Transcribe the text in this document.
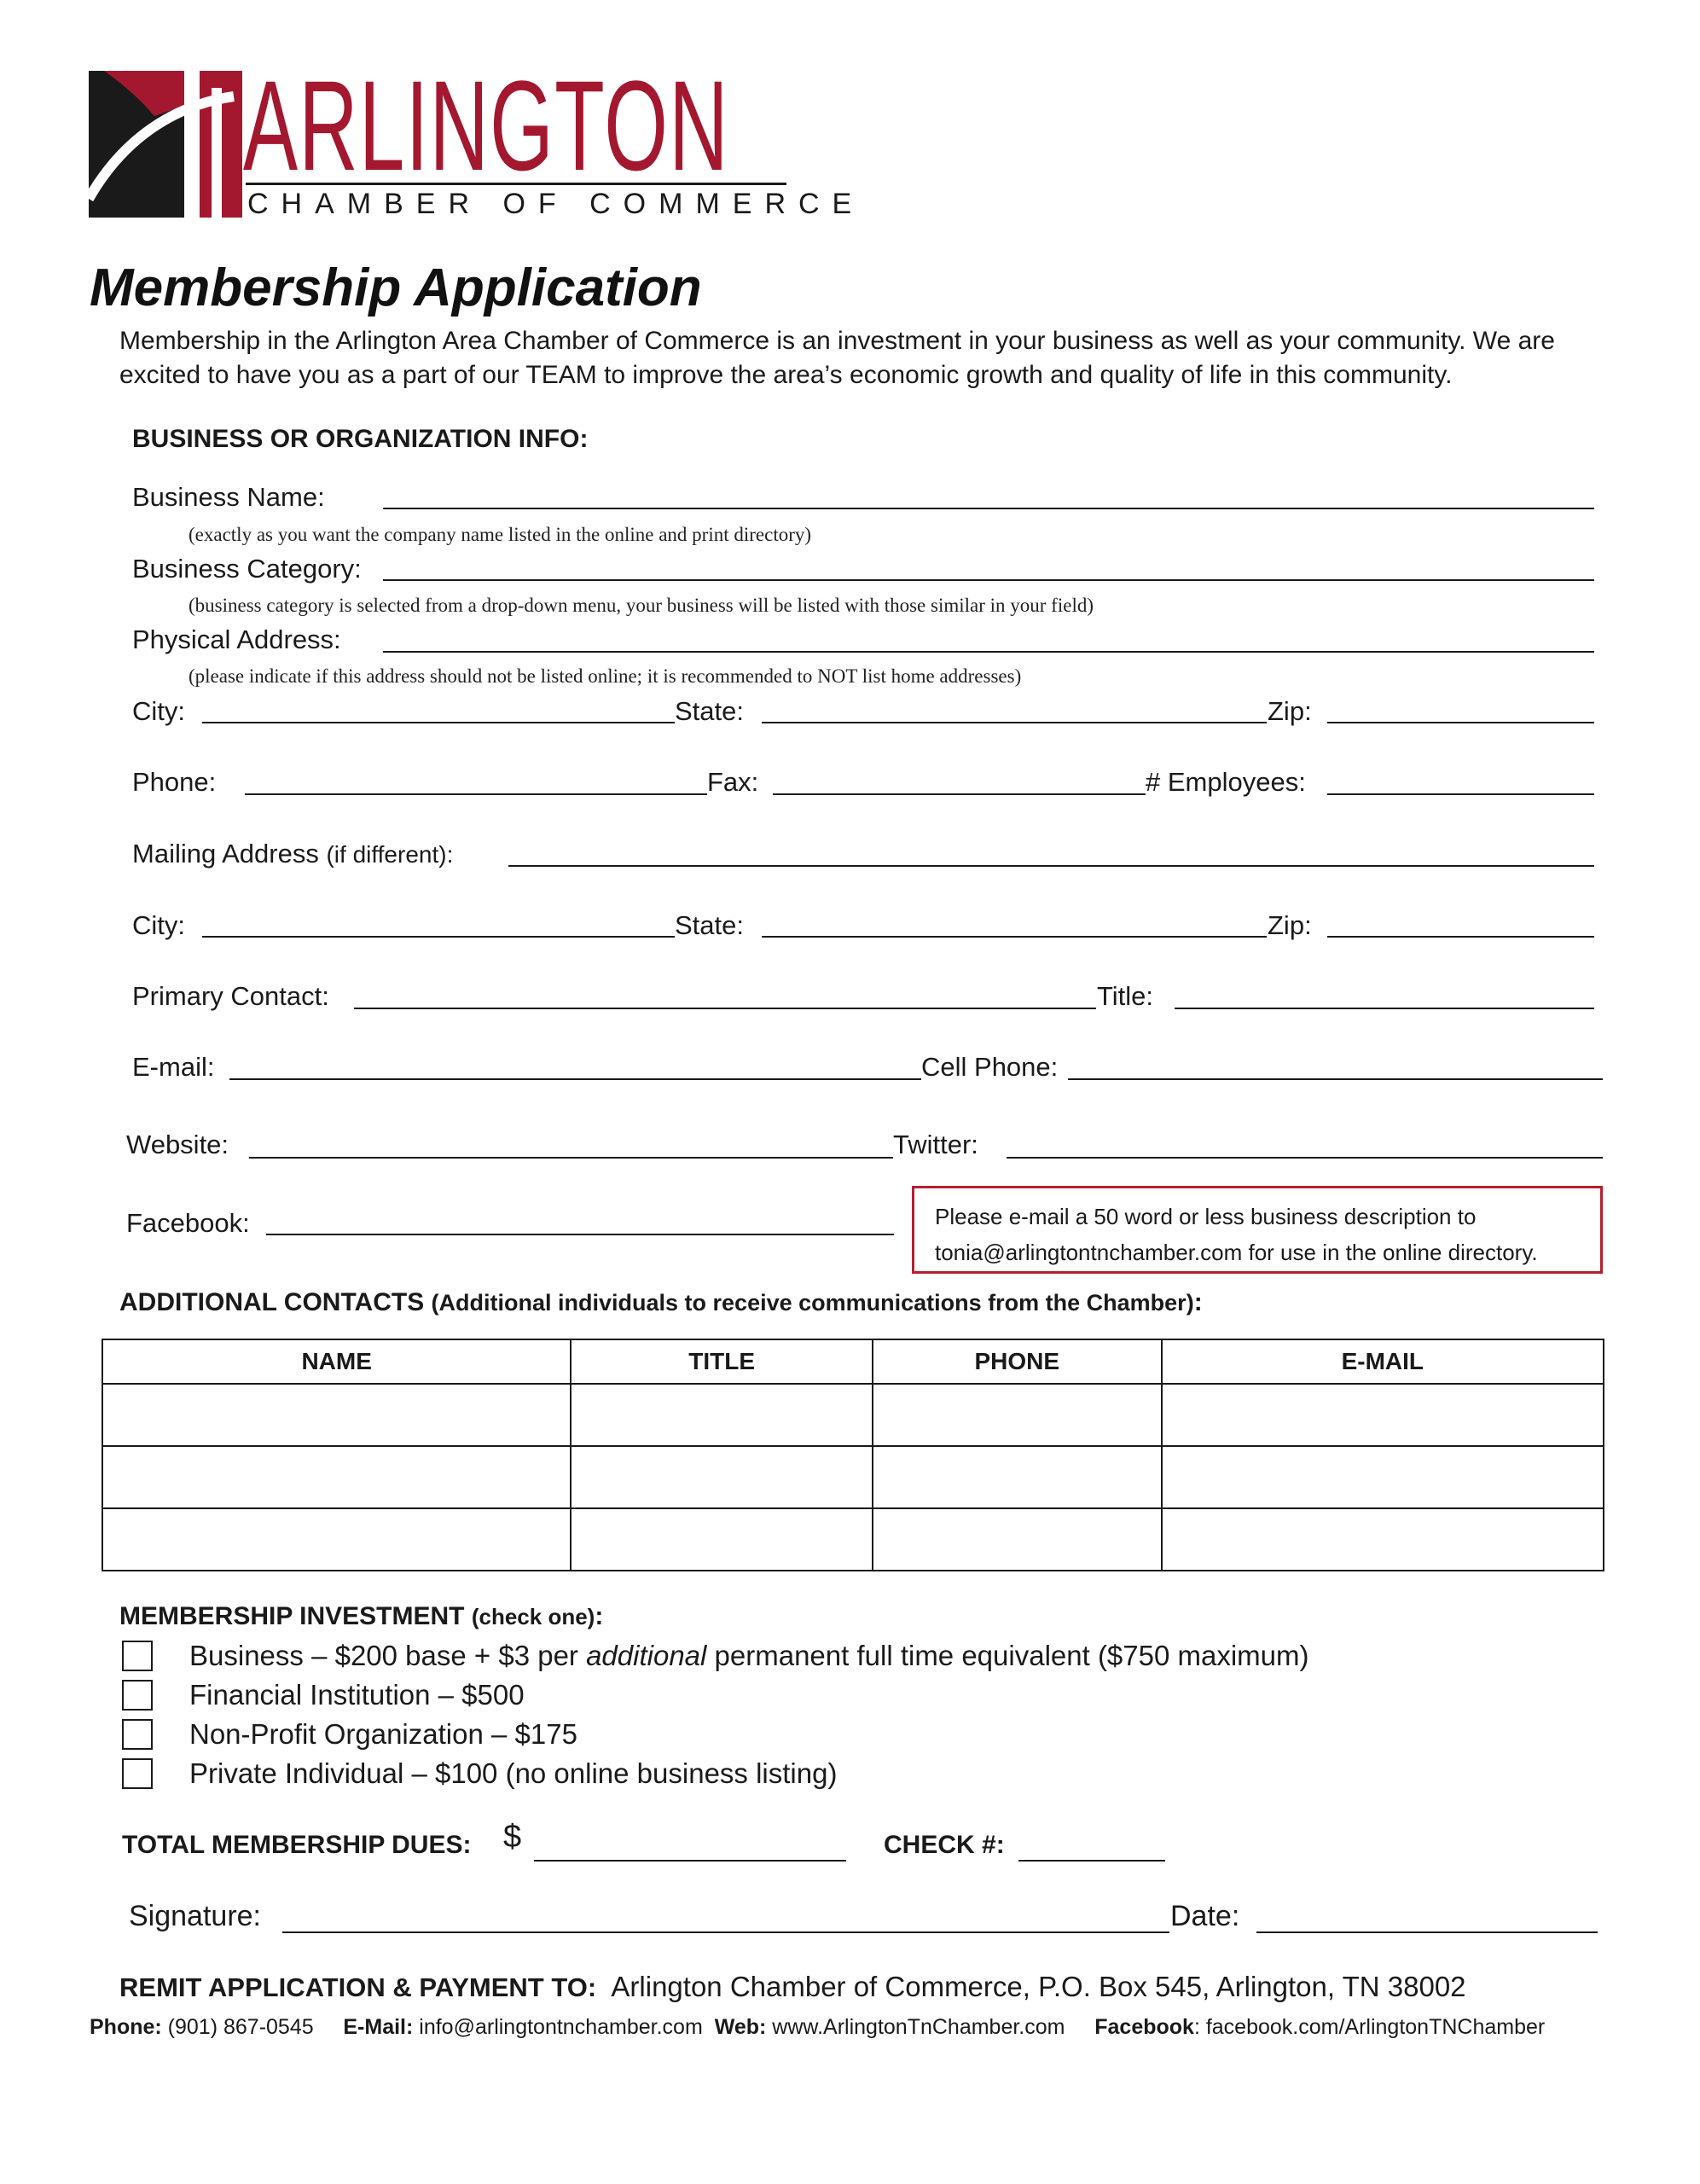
ARLINGTON
CHAMBER OF COMMERCE
Membership Application
Membership in the Arlington Area Chamber of Commerce is an investment in your business as well as your community. We are excited to have you as a part of our TEAM to improve the area’s economic growth and quality of life in this community.
BUSINESS OR ORGANIZATION INFO:
Business Name:
(exactly as you want the company name listed in the online and print directory)
Business Category:
(business category is selected from a drop-down menu, your business will be listed with those similar in your field)
Physical Address:
(please indicate if this address should not be listed online; it is recommended to NOT list home addresses)
City:	State:	Zip:
Phone:	Fax:	# Employees:
Mailing Address (if different):
City:	State:	Zip:
Primary Contact:	Title:
E-mail:	Cell Phone:
Website:	Twitter:
Facebook:	Please e-mail a 50 word or less business description to
tonia@arlingtontnchamber.com for use in the online directory.
ADDITIONAL CONTACTS (Additional individuals to receive communications from the Chamber):
NAME	TITLE	PHONE	E-MAIL

MEMBERSHIP INVESTMENT (check one):
Business – $200 base + $3 per additional permanent full time equivalent ($750 maximum)
Financial Institution – $500
Non-Profit Organization – $175
Private Individual – $100 (no online business listing)
TOTAL MEMBERSHIP DUES: $	CHECK #:
Signature:	Date:
REMIT APPLICATION & PAYMENT TO: Arlington Chamber of Commerce, P.O. Box 545, Arlington, TN 38002
Phone: (901) 867-0545 E-Mail: info@arlingtontnchamber.com Web: www.ArlingtonTnChamber.com Facebook: facebook.com/ArlingtonTNChamber
